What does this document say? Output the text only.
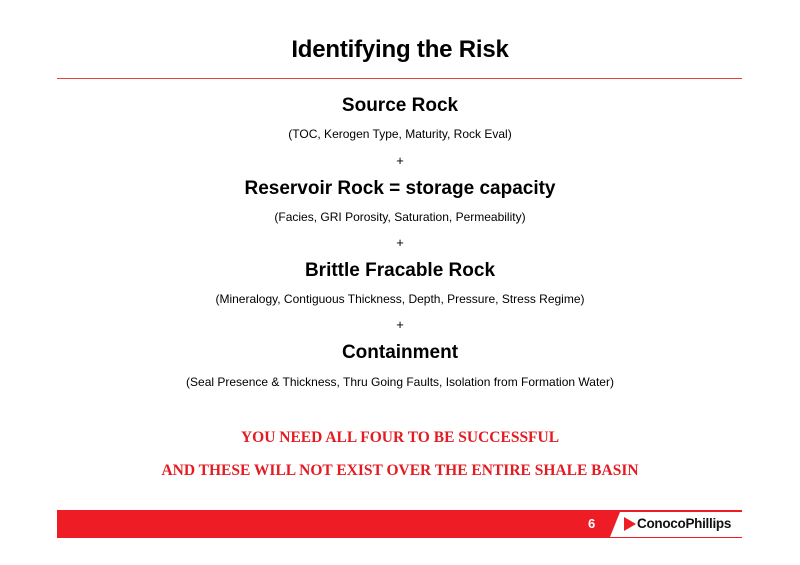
Identifying the Risk
Source Rock
(TOC, Kerogen Type, Maturity, Rock Eval)
+
Reservoir Rock = storage capacity
(Facies, GRI Porosity, Saturation, Permeability)
+
Brittle Fracable Rock
(Mineralogy, Contiguous Thickness, Depth, Pressure, Stress Regime)
+
Containment
(Seal Presence & Thickness, Thru Going Faults, Isolation from Formation Water)
YOU NEED ALL FOUR TO BE SUCCESSFUL
AND THESE WILL NOT EXIST OVER THE ENTIRE SHALE BASIN
6	ConocoPhillips
